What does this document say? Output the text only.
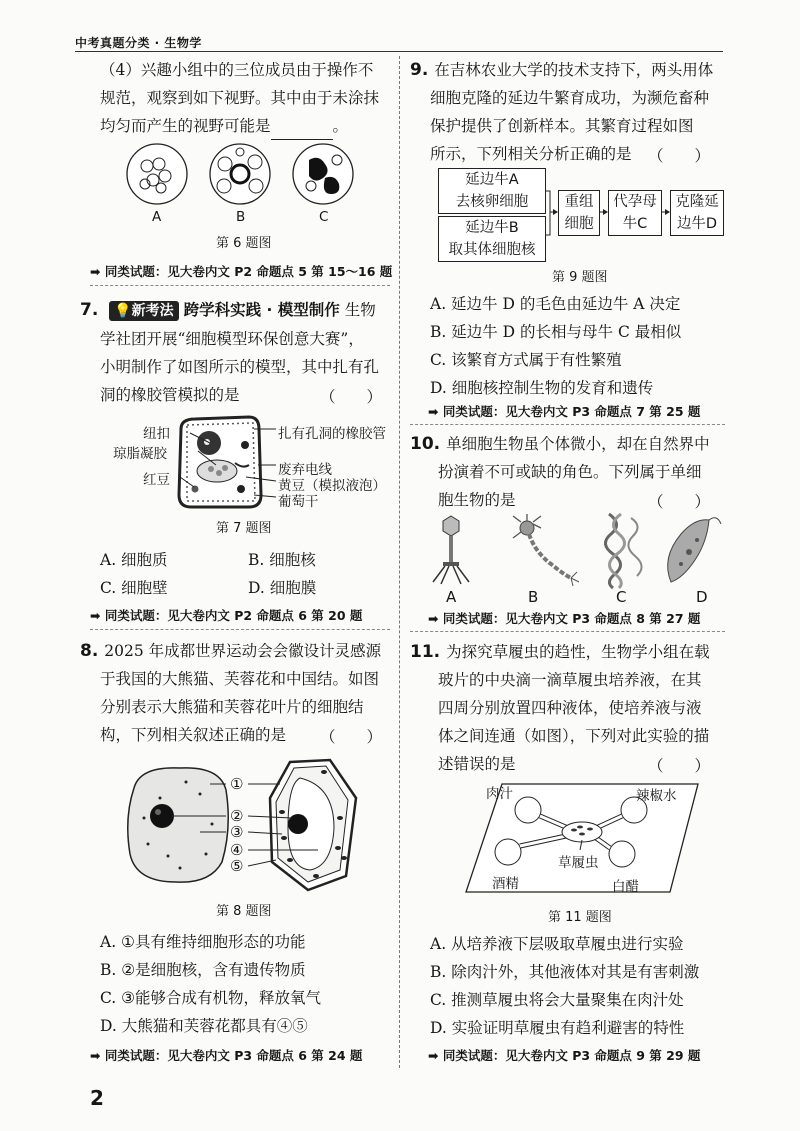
中考真题分类 · 生物学
（4）兴趣小组中的三位成员由于操作不
规范，观察到如下视野。其中由于未涂抹
均匀而产生的视野可能是	。
A	B	C
第 6 题图
➡ 同类试题：见大卷内文 P2 命题点 5 第 15～16 题
7. 💡新考法 跨学科实践 · 模型制作 生物
学社团开展“细胞模型环保创意大赛”，
小明制作了如图所示的模型，其中扎有孔
洞的橡胶管模拟的是	（　　）
纽扣
琼脂凝胶
红豆
扎有孔洞的橡胶管
废弃电线
黄豆（模拟液泡）
葡萄干
第 7 题图
A. 细胞质	B. 细胞核
C. 细胞壁	D. 细胞膜
➡ 同类试题：见大卷内文 P2 命题点 6 第 20 题
8. 2025 年成都世界运动会会徽设计灵感源
于我国的大熊猫、芙蓉花和中国结。如图
分别表示大熊猫和芙蓉花叶片的细胞结
构，下列相关叙述正确的是 （　　）
①
②
③
④
⑤
第 8 题图
A. ①具有维持细胞形态的功能
B. ②是细胞核，含有遗传物质
C. ③能够合成有机物，释放氧气
D. 大熊猫和芙蓉花都具有④⑤
➡ 同类试题：见大卷内文 P3 命题点 6 第 24 题
9. 在吉林农业大学的技术支持下，两头用体
细胞克隆的延边牛繁育成功，为濒危畜种
保护提供了创新样本。其繁育过程如图
所示，下列相关分析正确的是 （　　）
延边牛A
去核卵细胞
延边牛B
取其体细胞核
重组
细胞
代孕母
牛C
克隆延
边牛D
第 9 题图
A. 延边牛 D 的毛色由延边牛 A 决定
B. 延边牛 D 的长相与母牛 C 最相似
C. 该繁育方式属于有性繁殖
D. 细胞核控制生物的发育和遗传
➡ 同类试题：见大卷内文 P3 命题点 7 第 25 题
10. 单细胞生物虽个体微小，却在自然界中
扮演着不可或缺的角色。下列属于单细
胞生物的是	（　　）
A	B	C	D
➡ 同类试题：见大卷内文 P3 命题点 8 第 27 题
11. 为探究草履虫的趋性，生物学小组在载
玻片的中央滴一滴草履虫培养液，在其
四周分别放置四种液体，使培养液与液
体之间连通（如图），下列对此实验的描
述错误的是	（　　）
肉汁	辣椒水
草履虫
酒精	白醋
第 11 题图
A. 从培养液下层吸取草履虫进行实验
B. 除肉汁外，其他液体对其是有害刺激
C. 推测草履虫将会大量聚集在肉汁处
D. 实验证明草履虫有趋利避害的特性
➡ 同类试题：见大卷内文 P3 命题点 9 第 29 题
2
